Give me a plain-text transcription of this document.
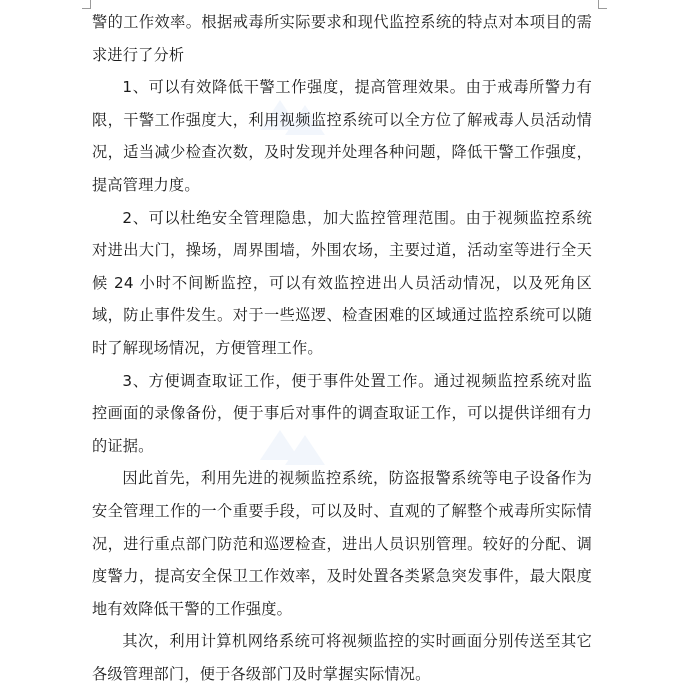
警的工作效率。根据戒毒所实际要求和现代监控系统的特点对本项目的需求进行了分析

1、可以有效降低干警工作强度，提高管理效果。由于戒毒所警力有限，干警工作强度大，利用视频监控系统可以全方位了解戒毒人员活动情况，适当减少检查次数，及时发现并处理各种问题，降低干警工作强度，提高管理力度。

2、可以杜绝安全管理隐患，加大监控管理范围。由于视频监控系统对进出大门，操场，周界围墙，外围农场，主要过道，活动室等进行全天候 24 小时不间断监控，可以有效监控进出人员活动情况，以及死角区域，防止事件发生。对于一些巡逻、检查困难的区域通过监控系统可以随时了解现场情况，方便管理工作。

3、方便调查取证工作，便于事件处置工作。通过视频监控系统对监控画面的录像备份，便于事后对事件的调查取证工作，可以提供详细有力的证据。

因此首先，利用先进的视频监控系统，防盗报警系统等电子设备作为安全管理工作的一个重要手段，可以及时、直观的了解整个戒毒所实际情况，进行重点部门防范和巡逻检查，进出人员识别管理。较好的分配、调度警力，提高安全保卫工作效率，及时处置各类紧急突发事件，最大限度地有效降低干警的工作强度。

其次，利用计算机网络系统可将视频监控的实时画面分别传送至其它各级管理部门，便于各级部门及时掌握实际情况。
